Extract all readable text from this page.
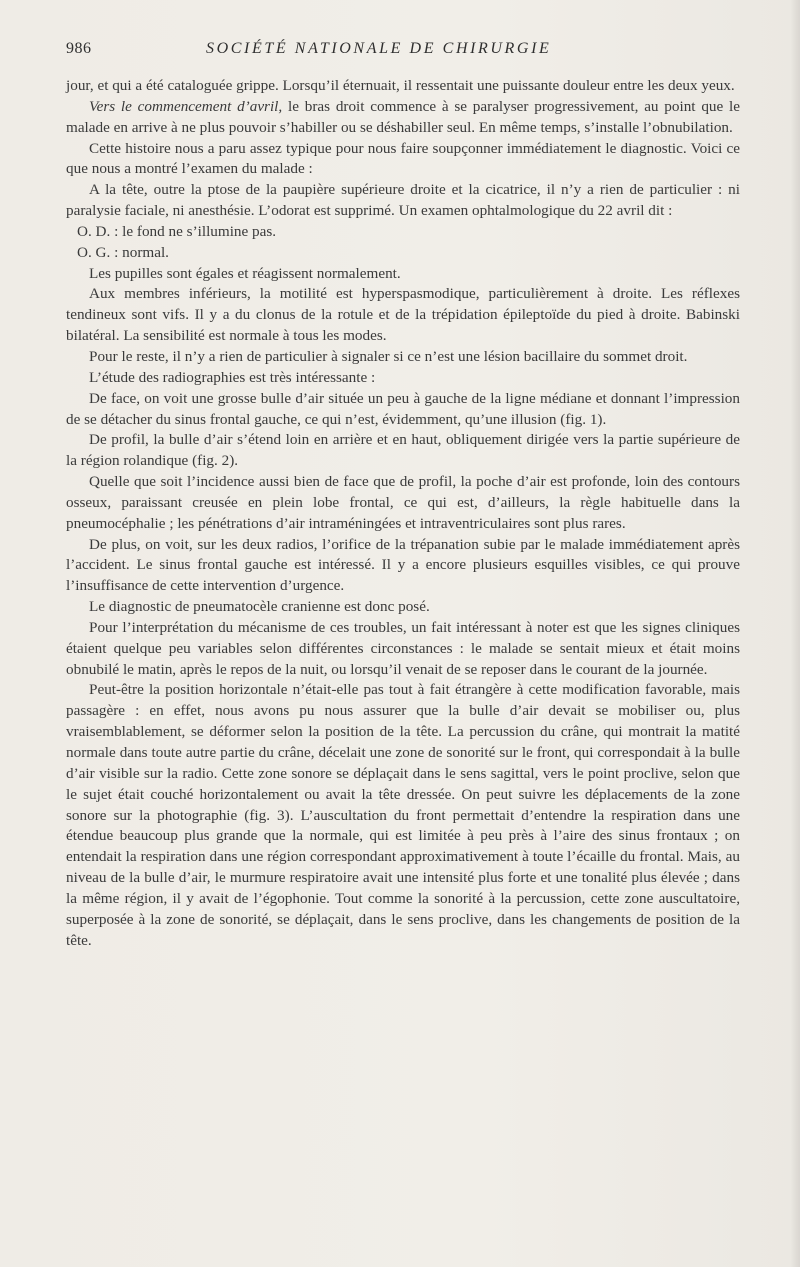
986	SOCIÉTÉ NATIONALE DE CHIRURGIE

jour, et qui a été cataloguée grippe. Lorsqu’il éternuait, il ressentait une puissante douleur entre les deux yeux.

Vers le commencement d’avril, le bras droit commence à se paralyser progressivement, au point que le malade en arrive à ne plus pouvoir s’habiller ou se déshabiller seul. En même temps, s’installe l’obnubilation.

Cette histoire nous a paru assez typique pour nous faire soupçonner immédiatement le diagnostic. Voici ce que nous a montré l’examen du malade :

A la tête, outre la ptose de la paupière supérieure droite et la cicatrice, il n’y a rien de particulier : ni paralysie faciale, ni anesthésie. L’odorat est supprimé. Un examen ophtalmologique du 22 avril dit :

O. D. : le fond ne s’illumine pas.

O. G. : normal.

Les pupilles sont égales et réagissent normalement.

Aux membres inférieurs, la motilité est hyperspasmodique, particulièrement à droite. Les réflexes tendineux sont vifs. Il y a du clonus de la rotule et de la trépidation épileptoïde du pied à droite. Babinski bilatéral. La sensibilité est normale à tous les modes.

Pour le reste, il n’y a rien de particulier à signaler si ce n’est une lésion bacillaire du sommet droit.

L’étude des radiographies est très intéressante :

De face, on voit une grosse bulle d’air située un peu à gauche de la ligne médiane et donnant l’impression de se détacher du sinus frontal gauche, ce qui n’est, évidemment, qu’une illusion (fig. 1).

De profil, la bulle d’air s’étend loin en arrière et en haut, obliquement dirigée vers la partie supérieure de la région rolandique (fig. 2).

Quelle que soit l’incidence aussi bien de face que de profil, la poche d’air est profonde, loin des contours osseux, paraissant creusée en plein lobe frontal, ce qui est, d’ailleurs, la règle habituelle dans la pneumocéphalie ; les pénétrations d’air intraméningées et intraventriculaires sont plus rares.

De plus, on voit, sur les deux radios, l’orifice de la trépanation subie par le malade immédiatement après l’accident. Le sinus frontal gauche est intéressé. Il y a encore plusieurs esquilles visibles, ce qui prouve l’insuffisance de cette intervention d’urgence.

Le diagnostic de pneumatocèle cranienne est donc posé.

Pour l’interprétation du mécanisme de ces troubles, un fait intéressant à noter est que les signes cliniques étaient quelque peu variables selon différentes circonstances : le malade se sentait mieux et était moins obnubilé le matin, après le repos de la nuit, ou lorsqu’il venait de se reposer dans le courant de la journée.

Peut-être la position horizontale n’était-elle pas tout à fait étrangère à cette modification favorable, mais passagère : en effet, nous avons pu nous assurer que la bulle d’air devait se mobiliser ou, plus vraisemblablement, se déformer selon la position de la tête. La percussion du crâne, qui montrait la matité normale dans toute autre partie du crâne, décelait une zone de sonorité sur le front, qui correspondait à la bulle d’air visible sur la radio. Cette zone sonore se déplaçait dans le sens sagittal, vers le point proclive, selon que le sujet était couché horizontalement ou avait la tête dressée. On peut suivre les déplacements de la zone sonore sur la photographie (fig. 3). L’auscultation du front permettait d’entendre la respiration dans une étendue beaucoup plus grande que la normale, qui est limitée à peu près à l’aire des sinus frontaux ; on entendait la respiration dans une région correspondant approximativement à toute l’écaille du frontal. Mais, au niveau de la bulle d’air, le murmure respiratoire avait une intensité plus forte et une tonalité plus élevée ; dans la même région, il y avait de l’égophonie. Tout comme la sonorité à la percussion, cette zone auscultatoire, superposée à la zone de sonorité, se déplaçait, dans le sens proclive, dans les changements de position de la tête.
